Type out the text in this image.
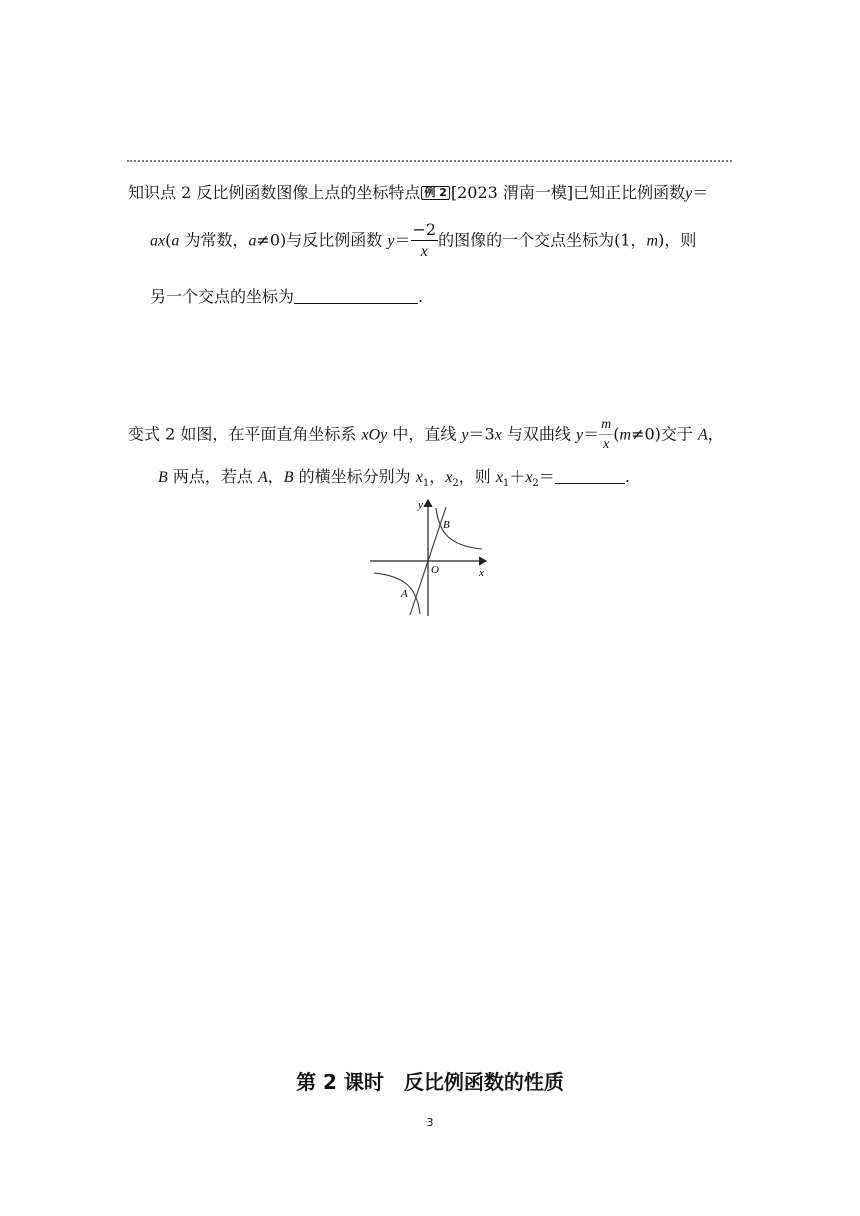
知识点 2 反比例函数图像上点的坐标特点 例 2 [2023 渭南一模]已知正比例函数y＝
ax(a 为常数，a≠0)与反比例函数 $y= \frac{-2}{x}$ 的图像的一个交点坐标为(1，m)，则
另一个交点的坐标为	.
变式 2 如图，在平面直角坐标系 xOy 中，直线 y＝3x 与双曲线 $y= \frac{m}{x} (m\ne 0)$交于 A，
B 两点，若点 A，B 的横坐标分别为 $x_1$，$x_2$，则 $x_1+x_2=$	.
y
x
O
B
A
第 2 课时　反比例函数的性质
3
